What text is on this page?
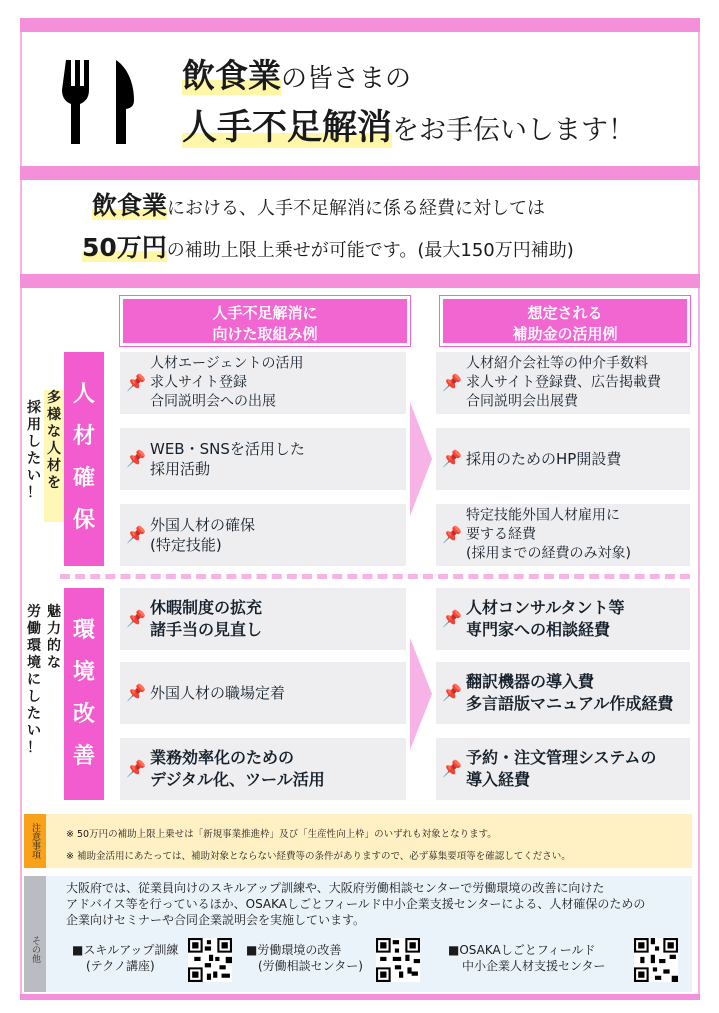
飲食業の皆さまの
人手不足解消をお手伝いします！
飲食業における、人手不足解消に係る経費に対しては
50万円の補助上限上乗せが可能です。(最大150万円補助)
人手不足解消に
向けた取組み例
想定される
補助金の活用例
多
様
な
人
材
を
採
用
し
た
い
！
人
材
確
保
📌
人材エージェントの活用
求人サイト登録
合同説明会への出展
📌 WEB・SNSを活用した
採用活動
📌 外国人材の確保
(特定技能)
📌
人材紹介会社等の仲介手数料
求人サイト登録費、広告掲載費
合同説明会出展費
📌 採用のためのHP開設費
📌
特定技能外国人材雇用に
要する経費
(採用までの経費のみ対象)
魅
力
的
な
労
働
環
境
に
し
た
い
！
環
境
改
善
📌
休暇制度の拡充
諸手当の見直し
📌 外国人材の職場定着
📌
業務効率化のための
デジタル化、ツール活用
📌
人材コンサルタント等
専門家への相談経費
📌
翻訳機器の導入費
多言語版マニュアル作成経費
📌
予約・注文管理システムの
導入経費
注意事項	※ 50万円の補助上限上乗せは「新規事業推進枠」及び「生産性向上枠」のいずれも対象となります。
※ 補助金活用にあたっては、補助対象とならない経費等の条件がありますので、必ず募集要項等を確認してください。
その他
大阪府では、従業員向けのスキルアップ訓練や、大阪府労働相談センターで労働環境の改善に向けた
アドバイス等を行っているほか、OSAKAしごとフィールド中小企業支援センターによる、人材確保のための
企業向けセミナーや合同企業説明会を実施しています。
■スキルアップ訓練
(テクノ講座)
■労働環境の改善
(労働相談センター)
■OSAKAしごとフィールド
中小企業人材支援センター
